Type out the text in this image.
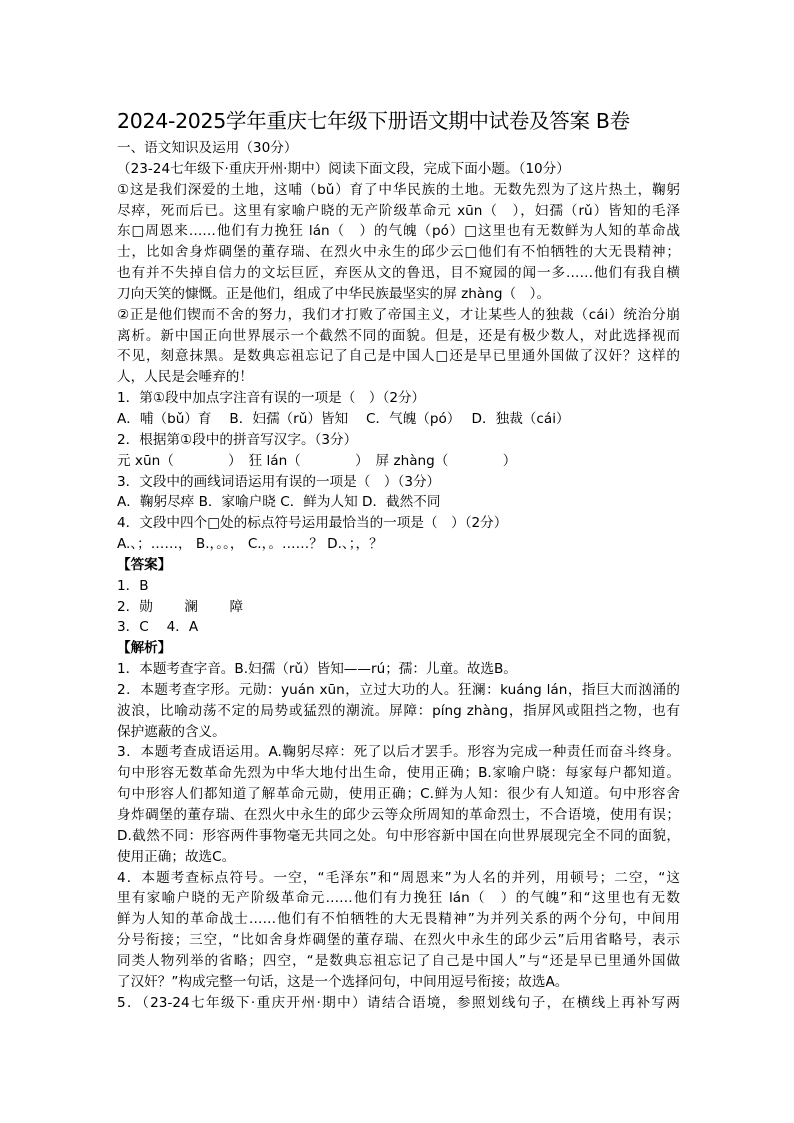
2024-2025学年重庆七年级下册语文期中试卷及答案 B卷
一、语文知识及运用（30分）
（23-24七年级下·重庆开州·期中）阅读下面文段，完成下面小题。（10分）
①这是我们深爱的土地，这哺（bǔ）育了中华民族的土地。无数先烈为了这片热土，鞠躬
尽瘁，死而后已。这里有家喻户晓的无产阶级革命元 xūn（　），妇孺（rǔ）皆知的毛泽
东□周恩来……他们有力挽狂 lán（　）的气魄（pó）□这里也有无数鲜为人知的革命战
士，比如舍身炸碉堡的董存瑞、在烈火中永生的邱少云□他们有不怕牺牲的大无畏精神；
也有并不失掉自信力的文坛巨匠，弃医从文的鲁迅，目不窥园的闻一多……他们有我自横
刀向天笑的慷慨。正是他们，组成了中华民族最坚实的屏 zhàng（　）。
②正是他们锲而不舍的努力，我们才打败了帝国主义，才让某些人的独裁（cái）统治分崩
离析。新中国正向世界展示一个截然不同的面貌。但是，还是有极少数人，对此选择视而
不见，刻意抹黑。是数典忘祖忘记了自己是中国人□还是早已里通外国做了汉奸？这样的
人，人民是会唾弃的！
1．第①段中加点字注音有误的一项是（　）（2分）
A．哺（bǔ）育　 B．妇孺（rǔ）皆知　 C．气魄（pó）　 D．独裁（cái）
2．根据第①段中的拼音写汉字。（3分）
元 xūn（　　　　）　狂 lán（　　　　）　屏 zhàng（　　　　）
3．文段中的画线词语运用有误的一项是（　）（3分）
A．鞠躬尽瘁 B．家喻户晓 C．鲜为人知 D．截然不同
4．文段中四个□处的标点符号运用最恰当的一项是（　）（2分）
A.、；……， B.，。。， C.，。……？ D.、；，？
【答案】
1．B
2．勋　　 澜　　 障
3．C　 4．A
【解析】
1．本题考查字音。B.妇孺（rǔ）皆知——rú；孺：儿童。故选B。
2．本题考查字形。元勋：yuán xūn，立过大功的人。狂澜：kuáng lán，指巨大而汹涌的
波浪，比喻动荡不定的局势或猛烈的潮流。屏障：píng zhàng，指屏风或阻挡之物，也有
保护遮蔽的含义。
3．本题考查成语运用。A.鞠躬尽瘁：死了以后才罢手。形容为完成一种责任而奋斗终身。
句中形容无数革命先烈为中华大地付出生命，使用正确；B.家喻户晓：每家每户都知道。
句中形容人们都知道了解革命元勋，使用正确；C.鲜为人知：很少有人知道。句中形容舍
身炸碉堡的董存瑞、在烈火中永生的邱少云等众所周知的革命烈士，不合语境，使用有误；
D.截然不同：形容两件事物毫无共同之处。句中形容新中国在向世界展现完全不同的面貌，
使用正确；故选C。
4．本题考查标点符号。一空，“毛泽东”和“周恩来”为人名的并列，用顿号；二空，“这
里有家喻户晓的无产阶级革命元……他们有力挽狂 lán（　）的气魄”和“这里也有无数
鲜为人知的革命战士……他们有不怕牺牲的大无畏精神”为并列关系的两个分句，中间用
分号衔接；三空，“比如舍身炸碉堡的董存瑞、在烈火中永生的邱少云”后用省略号，表示
同类人物列举的省略；四空，“是数典忘祖忘记了自己是中国人”与“还是早已里通外国做
了汉奸？”构成完整一句话，这是一个选择问句，中间用逗号衔接；故选A。
5．（23-24七年级下·重庆开州·期中）请结合语境，参照划线句子，在横线上再补写两
